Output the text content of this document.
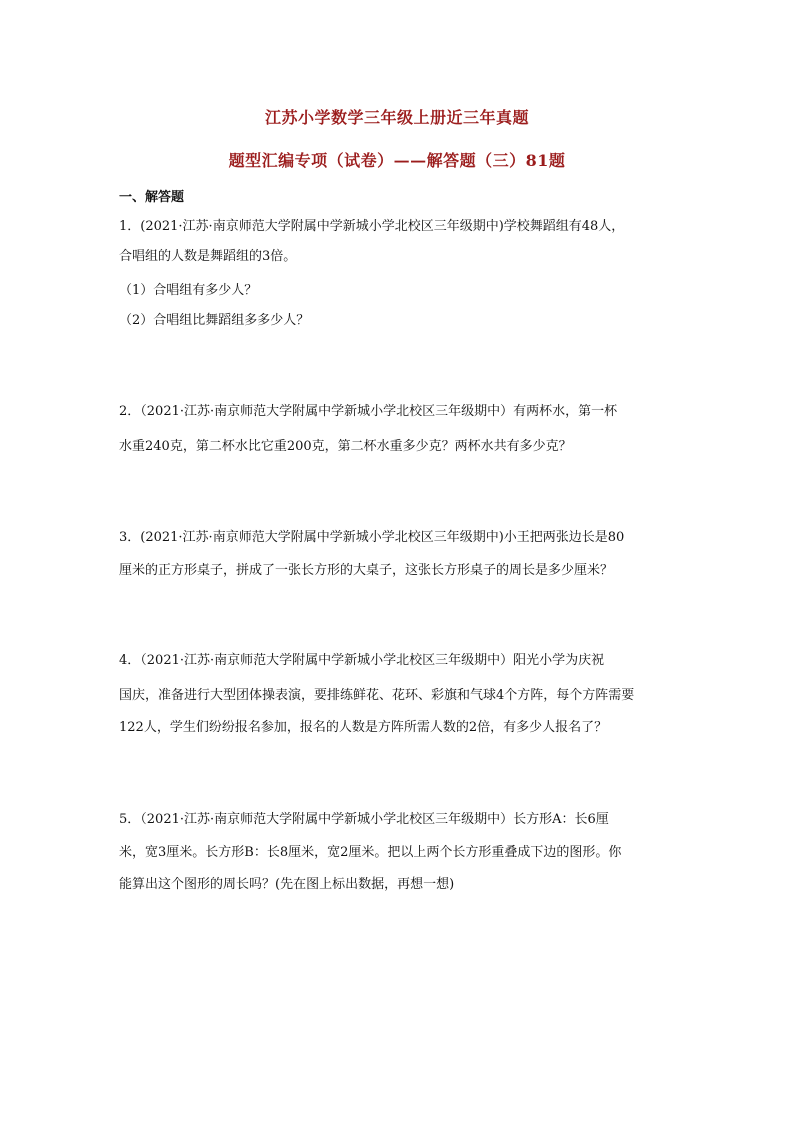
江苏小学数学三年级上册近三年真题
题型汇编专项（试卷）——解答题（三）81题
一、解答题
1．(2021·江苏·南京师范大学附属中学新城小学北校区三年级期中)学校舞蹈组有48人，
合唱组的人数是舞蹈组的3倍。
（1）合唱组有多少人？
（2）合唱组比舞蹈组多多少人？
2．（2021·江苏·南京师范大学附属中学新城小学北校区三年级期中）有两杯水，第一杯
水重240克，第二杯水比它重200克，第二杯水重多少克？两杯水共有多少克？
3．(2021·江苏·南京师范大学附属中学新城小学北校区三年级期中)小王把两张边长是80
厘米的正方形桌子，拼成了一张长方形的大桌子，这张长方形桌子的周长是多少厘米？
4．（2021·江苏·南京师范大学附属中学新城小学北校区三年级期中）阳光小学为庆祝
国庆，准备进行大型团体操表演，要排练鲜花、花环、彩旗和气球4个方阵，每个方阵需要
122人，学生们纷纷报名参加，报名的人数是方阵所需人数的2倍，有多少人报名了？
5．（2021·江苏·南京师范大学附属中学新城小学北校区三年级期中）长方形A：长6厘
米，宽3厘米。长方形B：长8厘米，宽2厘米。把以上两个长方形重叠成下边的图形。你
能算出这个图形的周长吗？(先在图上标出数据，再想一想)
